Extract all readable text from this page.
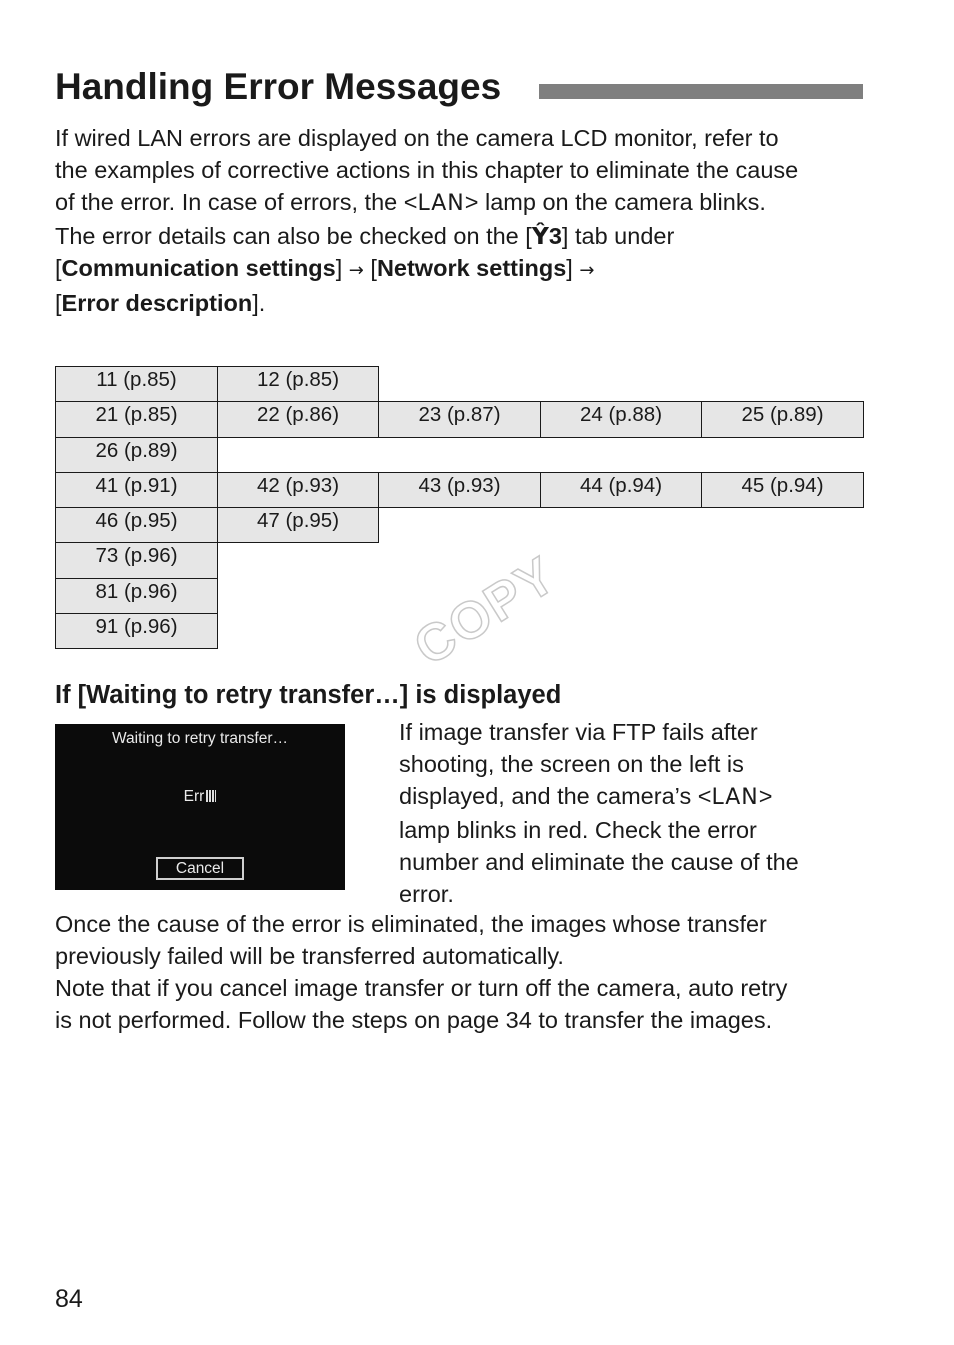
Handling Error Messages

If wired LAN errors are displayed on the camera LCD monitor, refer to
the examples of corrective actions in this chapter to eliminate the cause
of the error. In case of errors, the <LAN> lamp on the camera blinks.
The error details can also be checked on the [Ŷ3] tab under
[Communication settings] → [Network settings] →
[Error description].

11 (p.85)	12 (p.85)
21 (p.85)	22 (p.86)	23 (p.87)	24 (p.88)	25 (p.89)
26 (p.89)
41 (p.91)	42 (p.93)	43 (p.93)	44 (p.94)	45 (p.94)
46 (p.95)	47 (p.95)
73 (p.96)
81 (p.96)
91 (p.96)	COPY
If [Waiting to retry transfer…] is displayed
Waiting to retry transfer…
Err
Cancel

If image transfer via FTP fails after
shooting, the screen on the left is
displayed, and the camera’s <LAN>
lamp blinks in red. Check the error
number and eliminate the cause of the
error.

Once the cause of the error is eliminated, the images whose transfer
previously failed will be transferred automatically.
Note that if you cancel image transfer or turn off the camera, auto retry
is not performed. Follow the steps on page 34 to transfer the images.

84
